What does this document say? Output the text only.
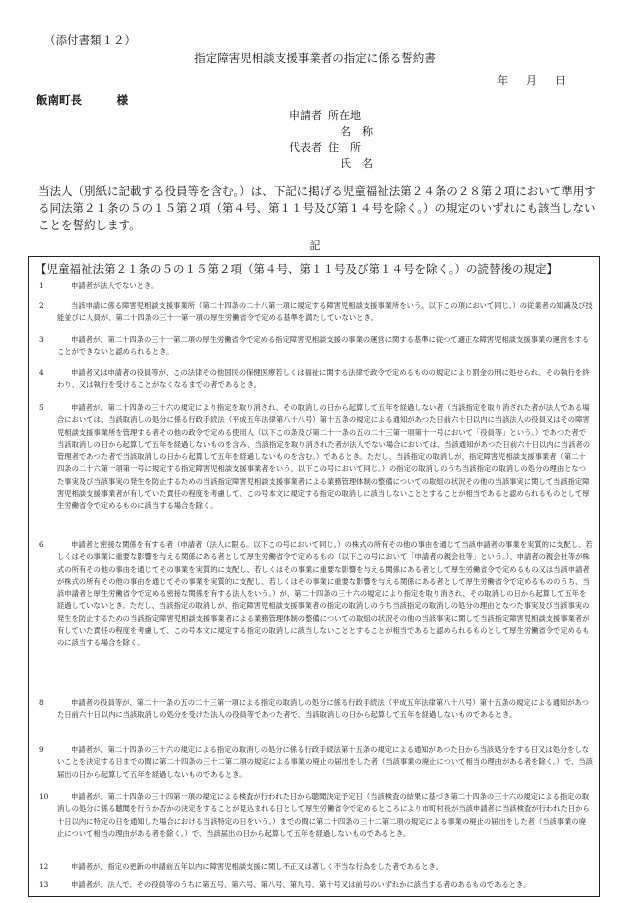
（添付書類１２）
指定障害児相談支援事業者の指定に係る誓約書
年 月 日
飯南町長　　　様
申請者 所在地
名　称
代表者 住　所
氏　名
当法人（別紙に記載する役員等を含む。）は、下記に掲げる児童福祉法第２４条の２８第２項において準用する同法第２１条の５の１５第２項（第４号、第１１号及び第１４号を除く。）の規定のいずれにも該当しないことを誓約します。
記
【児童福祉法第２１条の５の１５第２項（第４号、第１１号及び第１４号を除く。）の読替後の規定】
1	申請者が法人でないとき。
2	当該申請に係る障害児相談支援事業所（第二十四条の二十八第一項に規定する障害児相談支援事業所をいう。以下この項において同じ。）の従業者の知識及び技能並びに人員が、第二十四条の三十一第一項の厚生労働省令で定める基準を満たしていないとき。
3	申請者が、第二十四条の三十一第二項の厚生労働省令で定める指定障害児相談支援の事業の運営に関する基準に従つて適正な障害児相談支援事業の運営をすることができないと認められるとき。
4	申請者又は申請者の役員等が、この法律その他国民の保健医療若しくは福祉に関する法律で政令で定めるものの規定により罰金の刑に処せられ、その執行を終わり、又は執行を受けることがなくなるまでの者であるとき。
5	申請者が、第二十四条の三十六の規定により指定を取り消され、その取消しの日から起算して五年を経過しない者（当該指定を取り消された者が法人である場合においては、当該取消しの処分に係る行政手続法（平成五年法律第八十八号）第十五条の規定による通知があつた日前六十日以内に当該法人の役員又はその障害児相談支援事業所を管理する者その他の政令で定める使用人（以下この条及び第二十一条の五の二十三第一項第十一号において「役員等」という。）であつた者で当該取消しの日から起算して五年を経過しないものを含み、当該指定を取り消された者が法人でない場合においては、当該通知があつた日前六十日以内に当該者の管理者であつた者で当該取消しの日から起算して五年を経過しないものを含む。）であるとき。ただし、当該指定の取消しが、指定障害児相談支援事業者（第二十四条の二十六第一項第一号に規定する指定障害児相談支援事業者をいう。以下この号において同じ。）の指定の取消しのうち当該指定の取消しの処分の理由となつた事実及び当該事実の発生を防止するための当該指定障害児相談支援事業者による業務管理体制の整備についての取組の状況その他の当該事実に関して当該指定障害児相談支援事業者が有していた責任の程度を考慮して、この号本文に規定する指定の取消しに該当しないこととすることが相当であると認められるものとして厚生労働省令で定めるものに該当する場合を除く。
6	申請者と密接な関係を有する者（申請者（法人に限る。以下この号において同じ。）の株式の所有その他の事由を通じて当該申請者の事業を実質的に支配し、若しくはその事業に重要な影響を与える関係にある者として厚生労働省令で定めるもの（以下この号において「申請者の親会社等」という。）、申請者の親会社等が株式の所有その他の事由を通じてその事業を実質的に支配し、若しくはその事業に重要な影響を与える関係にある者として厚生労働省令で定めるもの又は当該申請者が株式の所有その他の事由を通じてその事業を実質的に支配し、若しくはその事業に重要な影響を与える関係にある者として厚生労働省令で定めるもののうち、当該申請者と厚生労働省令で定める密接な関係を有する法人をいう。）が、第二十四条の三十六の規定により指定を取り消され、その取消しの日から起算して五年を経過していないとき。ただし、当該指定の取消しが、指定障害児相談支援事業者の指定の取消しのうち当該指定の取消しの処分の理由となつた事実及び当該事実の発生を防止するための当該指定障害児相談支援事業者による業務管理体制の整備についての取組の状況その他の当該事実に関して当該指定障害児相談支援事業者が有していた責任の程度を考慮して、この号本文に規定する指定の取消しに該当しないこととすることが相当であると認められるものとして厚生労働省令で定めるものに該当する場合を除く。
8	申請者の役員等が、第二十一条の五の二十三第一項による指定の取消しの処分に係る行政手続法（平成五年法律第八十八号）第十五条の規定による通知があつた日前六十日以内に当該取消しの処分を受けた法人の役員等であつた者で、当該取消しの日から起算して五年を経過しないものであるとき。
9	申請者が、第二十四条の三十六の規定による指定の取消しの処分に係る行政手続法第十五条の規定による通知があつた日から当該処分をする日又は処分をしないことを決定する日までの間に第二十四条の三十二第二項の規定による事業の廃止の届出をした者（当該事業の廃止について相当の理由がある者を除く。）で、当該届出の日から起算して五年を経過しないものであるとき。
10	申請者が、第二十四条の三十四第一項の規定による検査が行われた日から聴聞決定予定日（当該検査の結果に基づき第二十四条の三十六の規定による指定の取消しの処分に係る聴聞を行うか否かの決定をすることが見込まれる日として厚生労働省令で定めるところにより市町村長が当該申請者に当該検査が行われた日から十日以内に特定の日を通知した場合における当該特定の日をいう。）までの間に第二十四条の三十二第二項の規定による事業の廃止の届出をした者（当該事業の廃止について相当の理由がある者を除く。）で、当該届出の日から起算して五年を経過しないものであるとき。
12	申請者が、指定の更新の申請前五年以内に障害児相談支援に関し不正又は著しく不当な行為をした者であるとき。
13	申請者が、法人で、その役員等のうちに第五号、第六号、第八号、第九号、第十号又は前号のいずれかに該当する者のあるものであるとき。
